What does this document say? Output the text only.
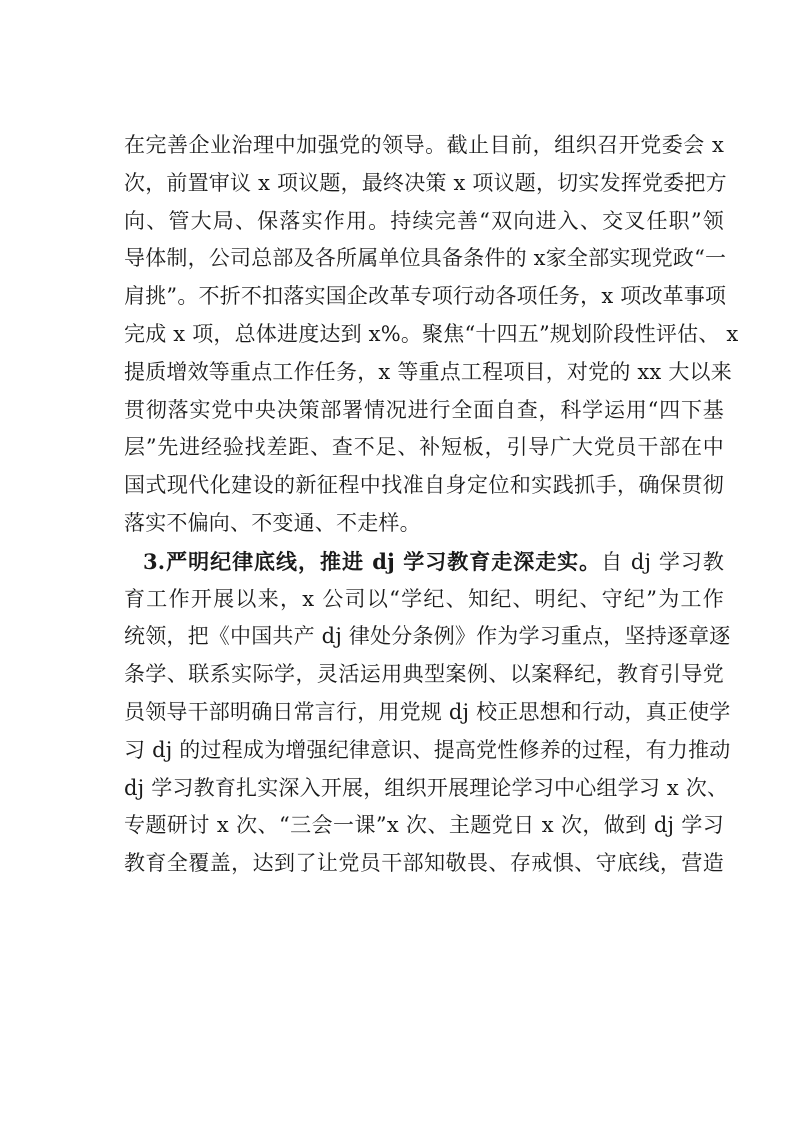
在完善企业治理中加强党的领导。截止目前，组织召开党委会 x
次，前置审议 x 项议题，最终决策 x 项议题，切实发挥党委把方
向、管大局、保落实作用。持续完善“双向进入、交叉任职”领
导体制，公司总部及各所属单位具备条件的 x家全部实现党政“一
肩挑”。不折不扣落实国企改革专项行动各项任务，x 项改革事项
完成 x 项，总体进度达到 x%。聚焦“十四五”规划阶段性评估、 x
提质增效等重点工作任务，x 等重点工程项目，对党的 xx 大以来
贯彻落实党中央决策部署情况进行全面自查，科学运用“四下基
层”先进经验找差距、查不足、补短板，引导广大党员干部在中
国式现代化建设的新征程中找准自身定位和实践抓手，确保贯彻
落实不偏向、不变通、不走样。
3.严明纪律底线，推进 dj 学习教育走深走实。自 dj 学习教
育工作开展以来，x 公司以“学纪、知纪、明纪、守纪”为工作
统领，把《中国共产 dj 律处分条例》作为学习重点，坚持逐章逐
条学、联系实际学，灵活运用典型案例、以案释纪，教育引导党
员领导干部明确日常言行，用党规 dj 校正思想和行动，真正使学
习 dj 的过程成为增强纪律意识、提高党性修养的过程，有力推动
dj 学习教育扎实深入开展，组织开展理论学习中心组学习 x 次、
专题研讨 x 次、“三会一课”x 次、主题党日 x 次，做到 dj 学习
教育全覆盖，达到了让党员干部知敬畏、存戒惧、守底线，营造
